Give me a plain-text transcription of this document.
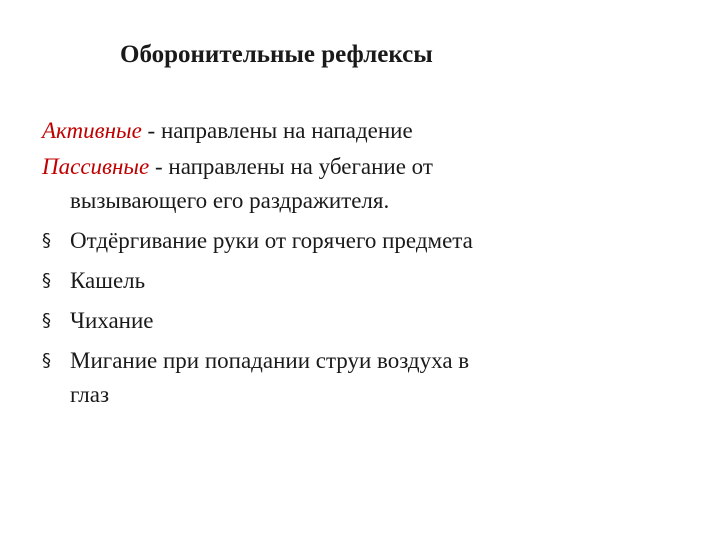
Оборонительные рефлексы
Активные - направлены на нападение
Пассивные - направлены на убегание от
вызывающего его раздражителя.
§ Отдёргивание руки от горячего предмета
§ Кашель
§ Чихание
§ Мигание при попадании струи воздуха в
глаз
